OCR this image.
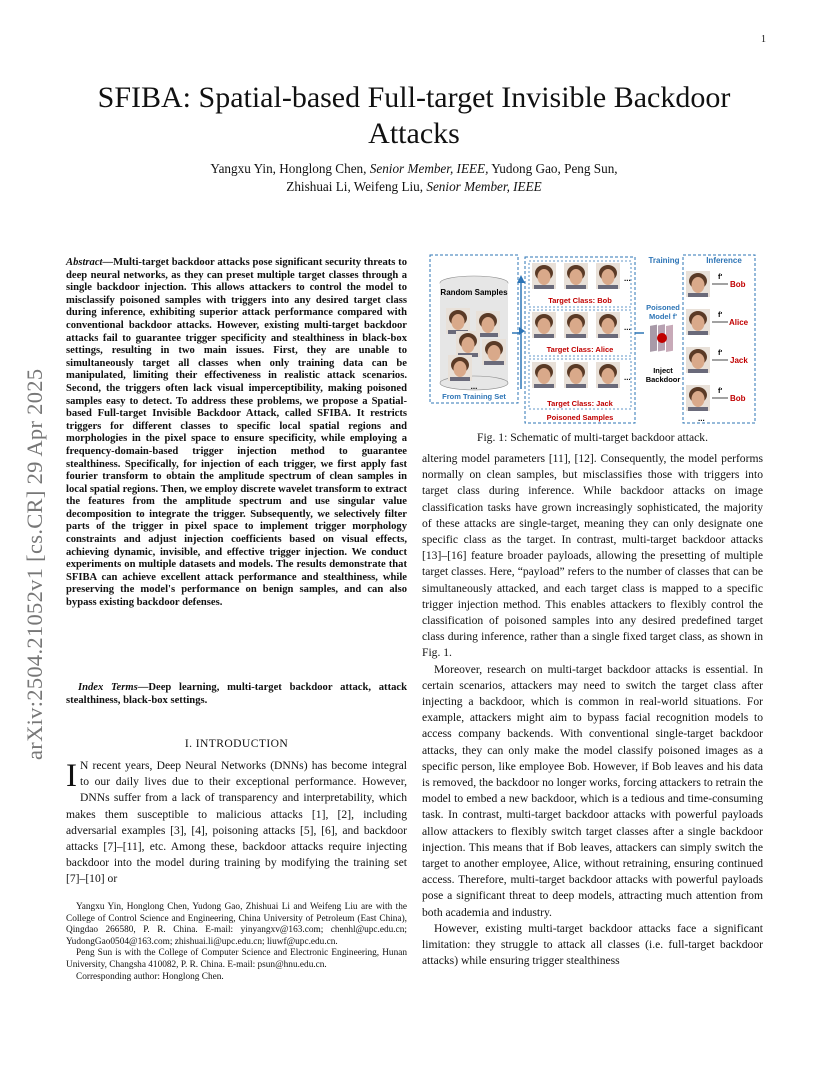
1
arXiv:2504.21052v1 [cs.CR] 29 Apr 2025
SFIBA: Spatial-based Full-target Invisible Backdoor Attacks
Yangxu Yin, Honglong Chen, Senior Member, IEEE, Yudong Gao, Peng Sun,
Zhishuai Li, Weifeng Liu, Senior Member, IEEE
Abstract—Multi-target backdoor attacks pose significant security threats to deep neural networks, as they can preset multiple target classes through a single backdoor injection. This allows attackers to control the model to misclassify poisoned samples with triggers into any desired target class during inference, exhibiting superior attack performance compared with conventional backdoor attacks. However, existing multi-target backdoor attacks fail to guarantee trigger specificity and stealthiness in black-box settings, resulting in two main issues. First, they are unable to simultaneously target all classes when only training data can be manipulated, limiting their effectiveness in realistic attack scenarios. Second, the triggers often lack visual imperceptibility, making poisoned samples easy to detect. To address these problems, we propose a Spatial-based Full-target Invisible Backdoor Attack, called SFIBA. It restricts triggers for different classes to specific local spatial regions and morphologies in the pixel space to ensure specificity, while employing a frequency-domain-based trigger injection method to guarantee stealthiness. Specifically, for injection of each trigger, we first apply fast fourier transform to obtain the amplitude spectrum of clean samples in local spatial regions. Then, we employ discrete wavelet transform to extract the features from the amplitude spectrum and use singular value decomposition to integrate the trigger. Subsequently, we selectively filter parts of the trigger in pixel space to implement trigger morphology constraints and adjust injection coefficients based on visual effects, achieving dynamic, invisible, and effective trigger injection. We conduct experiments on multiple datasets and models. The results demonstrate that SFIBA can achieve excellent attack performance and stealthiness, while preserving the model's performance on benign samples, and can also bypass existing backdoor defenses.
Index Terms—Deep learning, multi-target backdoor attack, attack stealthiness, black-box settings.
I. INTRODUCTION
I N recent years, Deep Neural Networks (DNNs) has become integral to our daily lives due to their exceptional performance. However, DNNs suffer from a lack of transparency and interpretability, which makes them susceptible to malicious attacks [1], [2], including adversarial examples [3], [4], poisoning attacks [5], [6], and backdoor attacks [7]–[11], etc. Among these, backdoor attacks require injecting backdoor into the model during training by modifying the training set [7]–[10] or

Yangxu Yin, Honglong Chen, Yudong Gao, Zhishuai Li and Weifeng Liu are with the College of Control Science and Engineering, China University of Petroleum (East China), Qingdao 266580, P. R. China. E-mail: yinyangxv@163.com; chenhl@upc.edu.cn; YudongGao0504@163.com; zhishuai.li@upc.edu.cn; liuwf@upc.edu.cn.

Peng Sun is with the College of Computer Science and Electronic Engineering, Hunan University, Changsha 410082, P. R. China. E-mail: psun@hnu.edu.cn.

Corresponding author: Honglong Chen.

Random Samples
...
From Training Set
...
Target Class: Bob
...
Target Class: Alice
...
Target Class: Jack
Poisoned Samples
Training
Poisoned
Model f'
Inject
Backdoor
Inference
f'
Bob
f'
Alice
f'
Jack
f'
Bob
...
Fig. 1: Schematic of multi-target backdoor attack.

altering model parameters [11], [12]. Consequently, the model performs normally on clean samples, but misclassifies those with triggers into target class during inference. While backdoor attacks on image classification tasks have grown increasingly sophisticated, the majority of these attacks are single-target, meaning they can only designate one specific class as the target. In contrast, multi-target backdoor attacks [13]–[16] feature broader payloads, allowing the presetting of multiple target classes. Here, “payload” refers to the number of classes that can be simultaneously attacked, and each target class is mapped to a specific trigger injection method. This enables attackers to flexibly control the classification of poisoned samples into any desired predefined target class during inference, rather than a single fixed target class, as shown in Fig. 1.

Moreover, research on multi-target backdoor attacks is essential. In certain scenarios, attackers may need to switch the target class after injecting a backdoor, which is common in real-world situations. For example, attackers might aim to bypass facial recognition models to access company backends. With conventional single-target backdoor attacks, they can only make the model classify poisoned images as a specific person, like employee Bob. However, if Bob leaves and his data is removed, the backdoor no longer works, forcing attackers to retrain the model to embed a new backdoor, which is a tedious and time-consuming task. In contrast, multi-target backdoor attacks with powerful payloads allow attackers to flexibly switch target classes after a single backdoor injection. This means that if Bob leaves, attackers can simply switch the target to another employee, Alice, without retraining, ensuring continued access. Therefore, multi-target backdoor attacks with powerful payloads pose a significant threat to deep models, attracting much attention from both academia and industry.

However, existing multi-target backdoor attacks face a significant limitation: they struggle to attack all classes (i.e. full-target backdoor attacks) while ensuring trigger stealthiness
